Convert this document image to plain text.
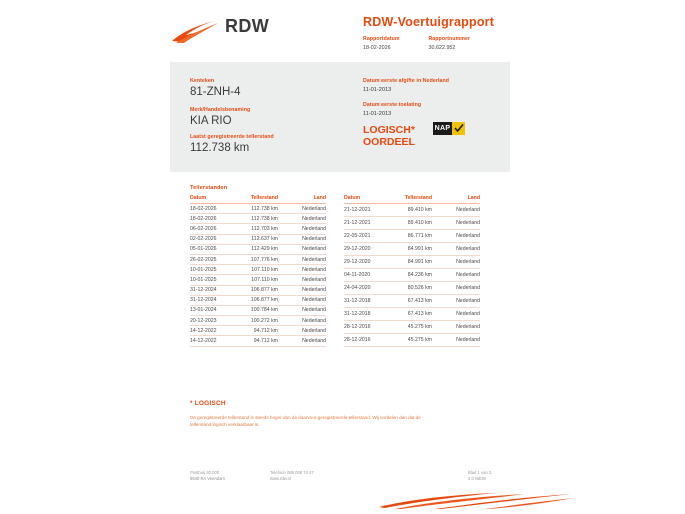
RDW	RDW-Voertuigrapport
Rapportdatum
18-02-2026

Rapportnummer
30.622.952
Kenteken
81-ZNH-4
Merk/Handelsbenaming
KIA RIO
Datum eerste afgifte in Nederland
11-01-2013
Datum eerste toelating
11-01-2013
Laatst geregistreerde tellerstand
112.738 km
LOGISCH*
OORDEEL
NAP
Tellerstanden
Datum	Tellerstand	Land
18-02-2026	112.738 km	Nederland
18-02-2026	112.738 km	Nederland
06-02-2026	112.703 km	Nederland
02-02-2026	112.637 km	Nederland
05-01-2026	112.429 km	Nederland
26-02-2025	107.776 km	Nederland
10-01-2025	107.110 km	Nederland
10-01-2025	107.110 km	Nederland
31-12-2024	106.877 km	Nederland
31-12-2024	106.877 km	Nederland
13-01-2024	100.784 km	Nederland
20-12-2023	100.272 km	Nederland
14-12-2022	94.712 km	Nederland
14-12-2022	94.712 km	Nederland
Datum	Tellerstand	Land
21-12-2021	89.410 km	Nederland
21-12-2021	89.410 km	Nederland
22-05-2021	86.771 km	Nederland
29-12-2020	84.991 km	Nederland
29-12-2020	84.991 km	Nederland
04-11-2020	84.236 km	Nederland
24-04-2020	80.526 km	Nederland
31-12-2018	67.413 km	Nederland
31-12-2018	67.413 km	Nederland
28-12-2016	45.275 km	Nederland
28-12-2016	45.275 km	Nederland
* LOGISCH
De geregistreerde tellerstand is steeds hoger dan de daarvoor geregistreerde tellerstand. Wij oordelen dan dat de tellerstand logisch verklaarbaar is.
Postbus 30.000
9640 RA Veendam
Telefoon 088 008 74 47
www.rdw.nl
Blad 1 van 3
2.0 NIEW
